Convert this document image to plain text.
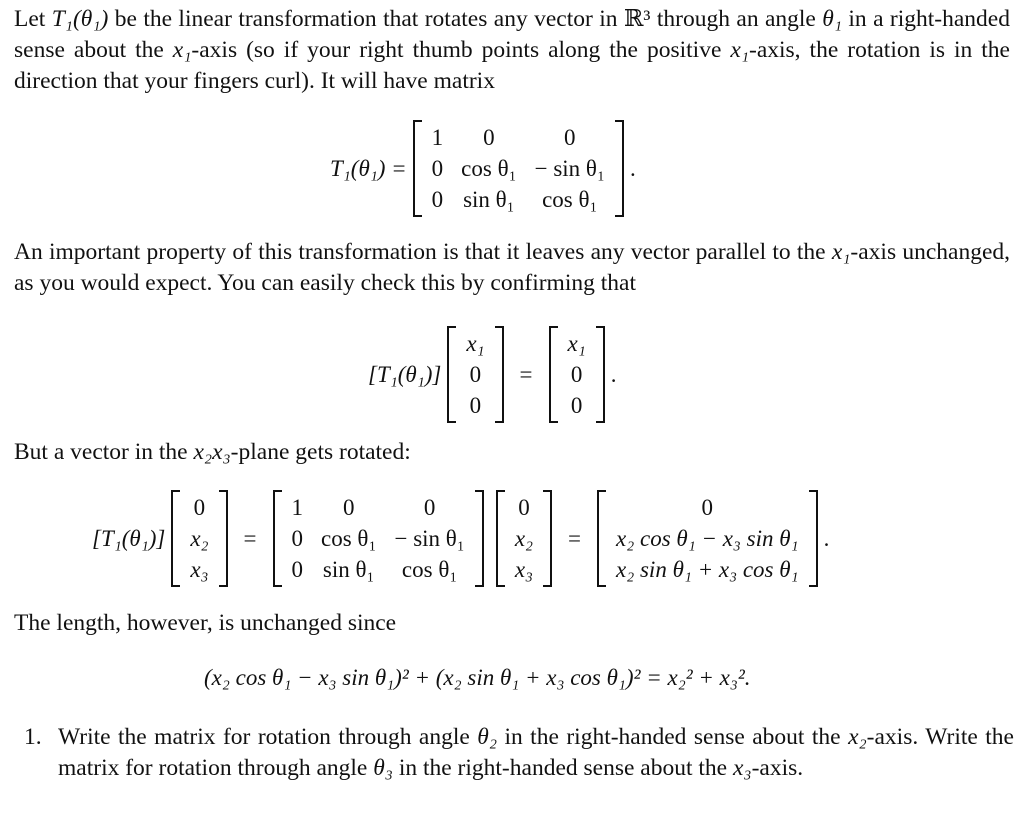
Let T₁(θ₁) be the linear transformation that rotates any vector in ℝ³ through an angle θ₁ in a right-handed sense about the x₁-axis (so if your right thumb points along the positive x₁-axis, the rotation is in the direction that your fingers curl). It will have matrix
T₁(θ₁) =
1	0	0
0	cos θ₁	− sin θ₁
0	sin θ₁	cos θ₁
.
An important property of this transformation is that it leaves any vector parallel to the x₁-axis unchanged, as you would expect. You can easily check this by confirming that
[T₁(θ₁)]
x₁
0
0
=
x₁
0
0
.
But a vector in the x₂x₃-plane gets rotated:
[T₁(θ₁)]
0
x₂
x₃
=
1	0	0
0	cos θ₁	− sin θ₁
0	sin θ₁	cos θ₁
0
x₂
x₃
=
0
x₂ cos θ₁ − x₃ sin θ₁
x₂ sin θ₁ + x₃ cos θ₁
.
The length, however, is unchanged since
(x₂ cos θ₁ − x₃ sin θ₁)² + (x₂ sin θ₁ + x₃ cos θ₁)² = x₂² + x₃².
1. Write the matrix for rotation through angle θ₂ in the right-handed sense about the x₂-axis. Write the matrix for rotation through angle θ₃ in the right-handed sense about the x₃-axis.
